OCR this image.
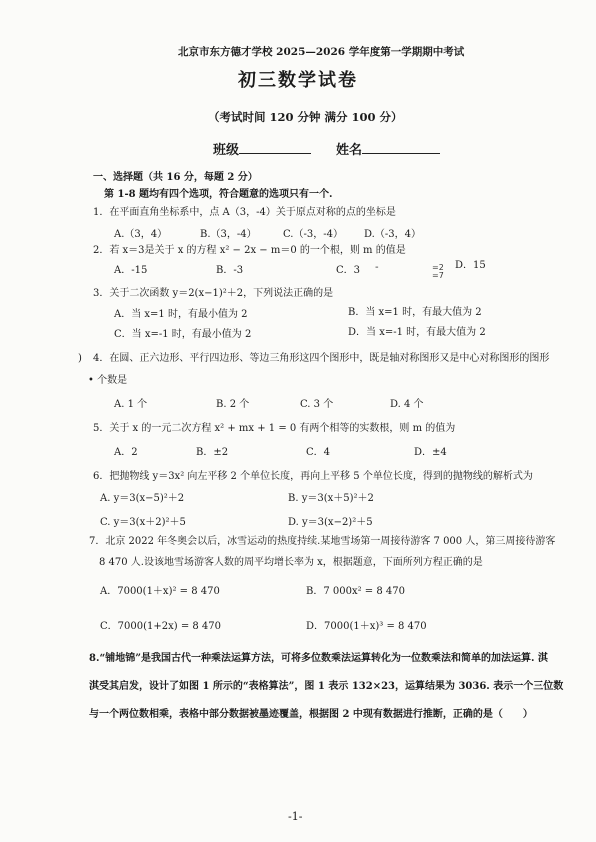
北京市东方德才学校 2025—2026 学年度第一学期期中考试
初三数学试卷
（考试时间 120 分钟 满分 100 分）
班级	姓名
一、选择题（共 16 分，每题 2 分）
第 1-8 题均有四个选项，符合题意的选项只有一个.
1．在平面直角坐标系中，点 A（3，-4）关于原点对称的点的坐标是
A.（3，4）	B.（3，-4）	C.（-3，-4） D.（-3，4）
2．若 x＝3是关于 x 的方程 x² − 2x − m＝0 的一个根，则 m 的值是
A．-15	B．-3	C．3	D．15
=2
=7
-
3．关于二次函数 y＝2(x−1)²＋2，下列说法正确的是
A．当 x=1 时，有最小值为 2	B．当 x=1 时，有最大值为 2
C．当 x=-1 时，有最小值为 2	D．当 x=-1 时，有最大值为 2
) 4．在圆、正六边形、平行四边形、等边三角形这四个图形中，既是轴对称图形又是中心对称图形的图形
• 个数是
A. 1 个	B. 2 个	C. 3 个	D. 4 个
5．关于 x 的一元二次方程 x² + mx + 1 = 0 有两个相等的实数根，则 m 的值为
A．2	B．±2	C．4	D．±4
6．把抛物线 y＝3x² 向左平移 2 个单位长度，再向上平移 5 个单位长度，得到的抛物线的解析式为
A. y＝3(x−5)²＋2	B. y＝3(x＋5)²＋2
C. y＝3(x＋2)²＋5	D. y＝3(x−2)²＋5
7．北京 2022 年冬奥会以后，冰雪运动的热度持续.某地雪场第一周接待游客 7 000 人，第三周接待游客
8 470 人.设该地雪场游客人数的周平均增长率为 x，根据题意，下面所列方程正确的是
A．7000(1＋x)² = 8 470	B．7 000x² = 8 470
C．7000(1+2x) = 8 470	D．7000(1＋x)³ = 8 470
8.“铺地锦”是我国古代一种乘法运算方法，可将多位数乘法运算转化为一位数乘法和简单的加法运算. 淇
淇受其启发，设计了如图 1 所示的“表格算法”，图 1 表示 132×23，运算结果为 3036. 表示一个三位数
与一个两位数相乘，表格中部分数据被墨迹覆盖，根据图 2 中现有数据进行推断，正确的是（　　）
-1-
